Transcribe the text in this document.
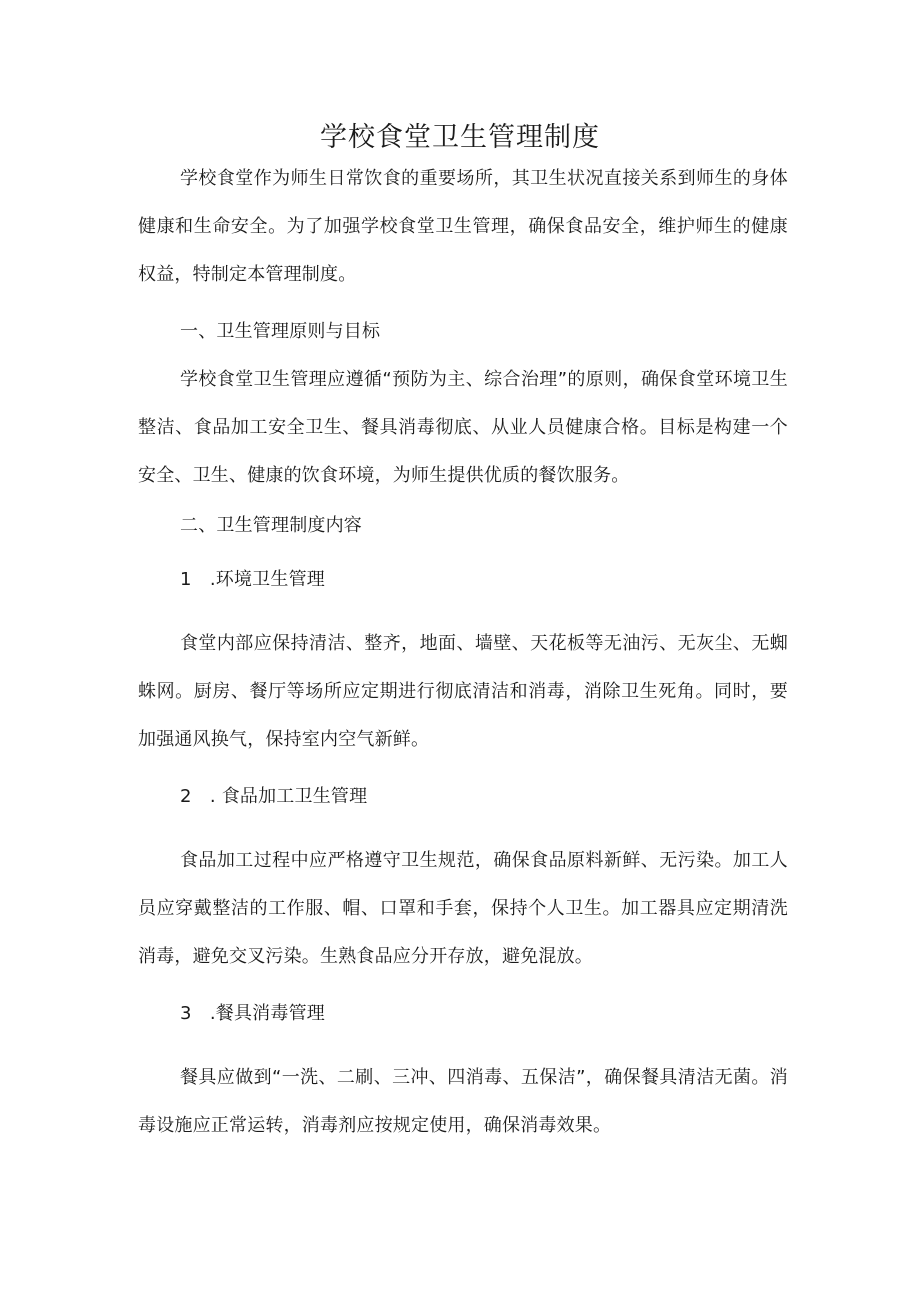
学校食堂卫生管理制度

学校食堂作为师生日常饮食的重要场所，其卫生状况直接关系到师生的身体健康和生命安全。为了加强学校食堂卫生管理，确保食品安全，维护师生的健康权益，特制定本管理制度。

一、卫生管理原则与目标

学校食堂卫生管理应遵循“预防为主、综合治理”的原则，确保食堂环境卫生整洁、食品加工安全卫生、餐具消毒彻底、从业人员健康合格。目标是构建一个安全、卫生、健康的饮食环境，为师生提供优质的餐饮服务。

二、卫生管理制度内容
1　.环境卫生管理

食堂内部应保持清洁、整齐，地面、墙壁、天花板等无油污、无灰尘、无蜘蛛网。厨房、餐厅等场所应定期进行彻底清洁和消毒，消除卫生死角。同时，要加强通风换气，保持室内空气新鲜。

2　. 食品加工卫生管理

食品加工过程中应严格遵守卫生规范，确保食品原料新鲜、无污染。加工人员应穿戴整洁的工作服、帽、口罩和手套，保持个人卫生。加工器具应定期清洗消毒，避免交叉污染。生熟食品应分开存放，避免混放。

3　.餐具消毒管理

餐具应做到“一洗、二刷、三冲、四消毒、五保洁”，确保餐具清洁无菌。消毒设施应正常运转，消毒剂应按规定使用，确保消毒效果。
